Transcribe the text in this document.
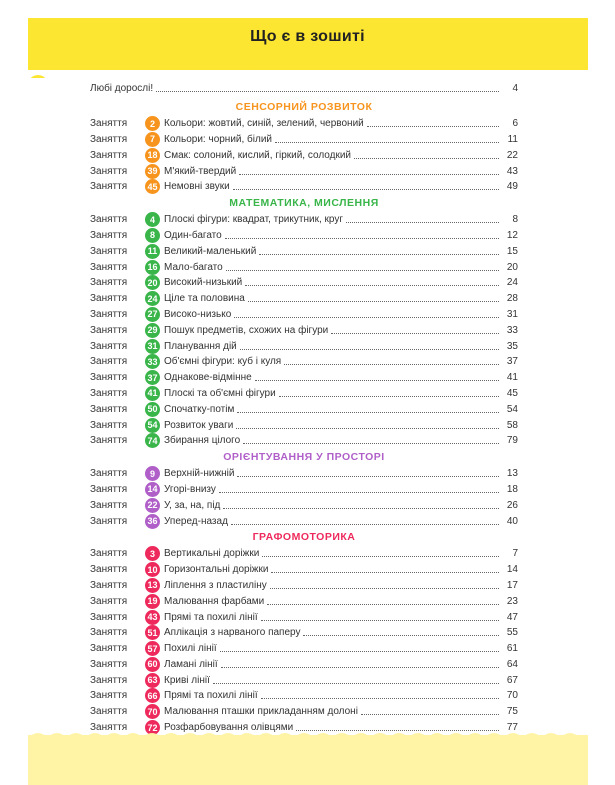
Що є в зошиті
Любі дорослі!	4
СЕНСОРНИЙ РОЗВИТОК
Заняття	2 Кольори: жовтий, синій, зелений, червоний	6
Заняття	7 Кольори: чорний, білий	11
Заняття	18 Смак: солоний, кислий, гіркий, солодкий	22
Заняття	39 М'який-твердий	43
Заняття	45 Немовні звуки	49
МАТЕМАТИКА, МИСЛЕННЯ
Заняття	4 Плоскі фігури: квадрат, трикутник, круг	8
Заняття	8 Один-багато	12
Заняття	11 Великий-маленький	15
Заняття	16 Мало-багато	20
Заняття	20 Високий-низький	24
Заняття	24 Ціле та половина	28
Заняття	27 Високо-низько	31
Заняття	29 Пошук предметів, схожих на фігури	33
Заняття	31 Планування дій	35
Заняття	33 Об'ємні фігури: куб і куля	37
Заняття	37 Однакове-відмінне	41
Заняття	41 Плоскі та об'ємні фігури	45
Заняття	50 Спочатку-потім	54
Заняття	54 Розвиток уваги	58
Заняття	74 Збирання цілого	79
ОРІЄНТУВАННЯ У ПРОСТОРІ
Заняття	9 Верхній-нижній	13
Заняття	14 Угорі-внизу	18
Заняття	22 У, за, на, під	26
Заняття	36 Уперед-назад	40
ГРАФОМОТОРИКА
Заняття	3 Вертикальні доріжки	7
Заняття	10 Горизонтальні доріжки	14
Заняття	13 Ліплення з пластиліну	17
Заняття	19 Малювання фарбами	23
Заняття	43 Прямі та похилі лінії	47
Заняття	51 Аплікація з нарваного паперу	55
Заняття	57 Похилі лінії	61
Заняття	60 Ламані лінії	64
Заняття	63 Криві лінії	67
Заняття	66 Прямі та похилі лінії	70
Заняття	70 Малювання пташки прикладанням долоні	75
Заняття	72 Розфарбовування олівцями	77
